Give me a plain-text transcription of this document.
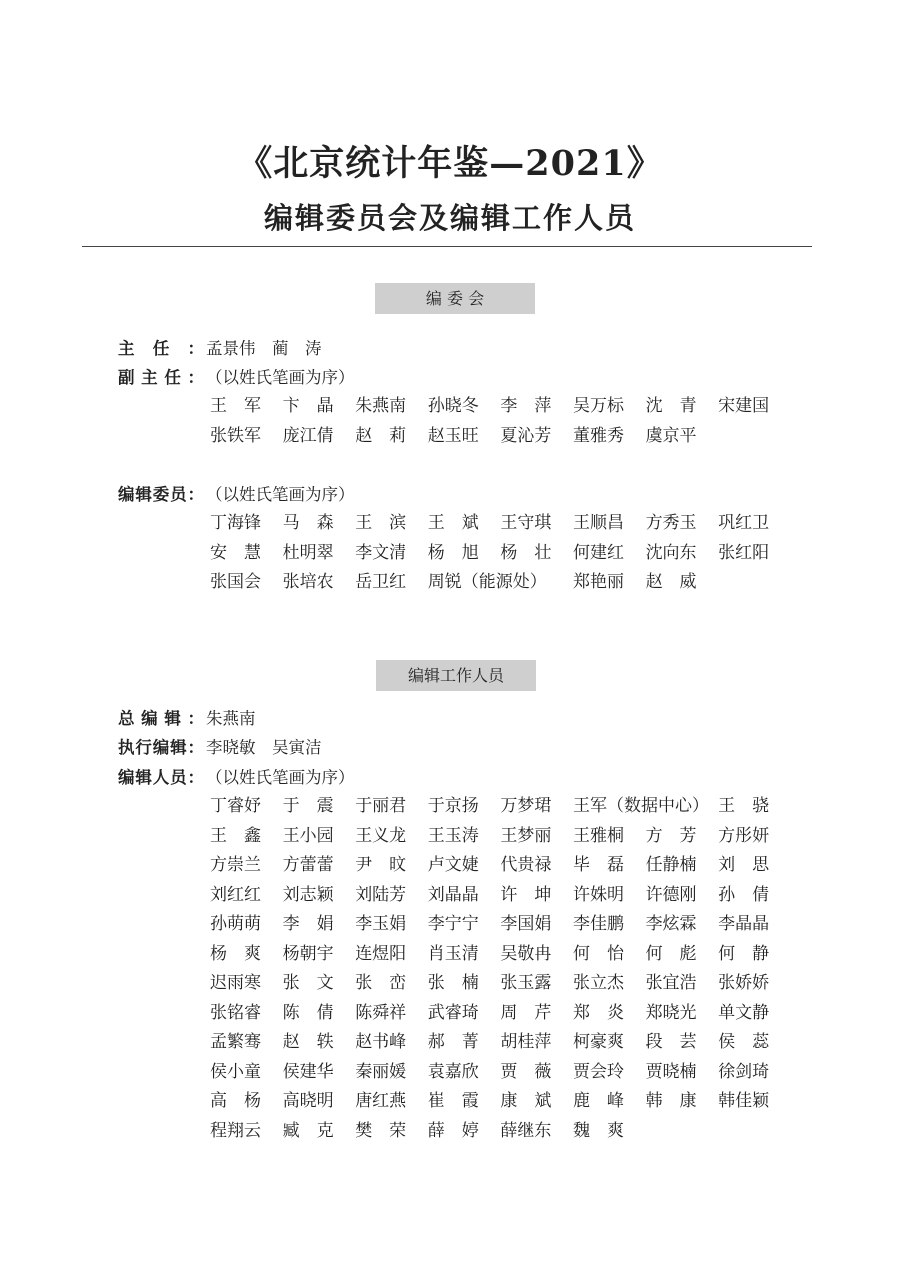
《北京统计年鉴—2021》
编辑委员会及编辑工作人员
编 委 会
主任： 孟景伟　蔺　涛
副主任： （以姓氏笔画为序）
王军 卞晶 朱燕南	孙晓冬	李萍 吴万标	沈青 宋建国
张铁军	庞江倩	赵莉 赵玉旺	夏沁芳	董雅秀	虞京平
编辑委员： （以姓氏笔画为序）
丁海锋	马森 王滨 王斌 王守琪	王顺昌	方秀玉	巩红卫
安慧 杜明翠	李文清	杨旭 杨壮 何建红	沈向东	张红阳
张国会	张培农	岳卫红	周锐（能源处）	郑艳丽	赵威
编辑工作人员
总编辑： 朱燕南
执行编辑： 李晓敏　吴寅洁
编辑人员： （以姓氏笔画为序）
丁睿妤	于震 于丽君	于京扬	万梦珺	王军（数据中心） 王骁
王鑫 王小园	王义龙	王玉涛	王梦丽	王雅桐	方芳 方彤妍
方崇兰	方蕾蕾	尹旼 卢文婕	代贵禄	毕磊 任静楠	刘思
刘红红	刘志颖	刘陆芳	刘晶晶	许坤 许姝明	许德刚	孙倩
孙萌萌	李娟 李玉娟	李宁宁	李国娟	李佳鹏	李炫霖	李晶晶
杨爽 杨朝宇	连煜阳	肖玉清	吴敬冉	何怡 何彪 何静
迟雨寒	张文 张峦 张楠 张玉露	张立杰	张宜浩	张娇娇
张铭睿	陈倩 陈舜祥	武睿琦	周芹 郑炎 郑晓光	单文静
孟繁骞	赵轶 赵书峰	郝菁 胡桂萍	柯豪爽	段芸 侯蕊
侯小童	侯建华	秦丽媛	袁嘉欣	贾薇 贾会玲	贾晓楠	徐剑琦
高杨 高晓明	唐红燕	崔霞 康斌 鹿峰 韩康 韩佳颖
程翔云	臧克 樊荣 薛婷 薛继东	魏爽
